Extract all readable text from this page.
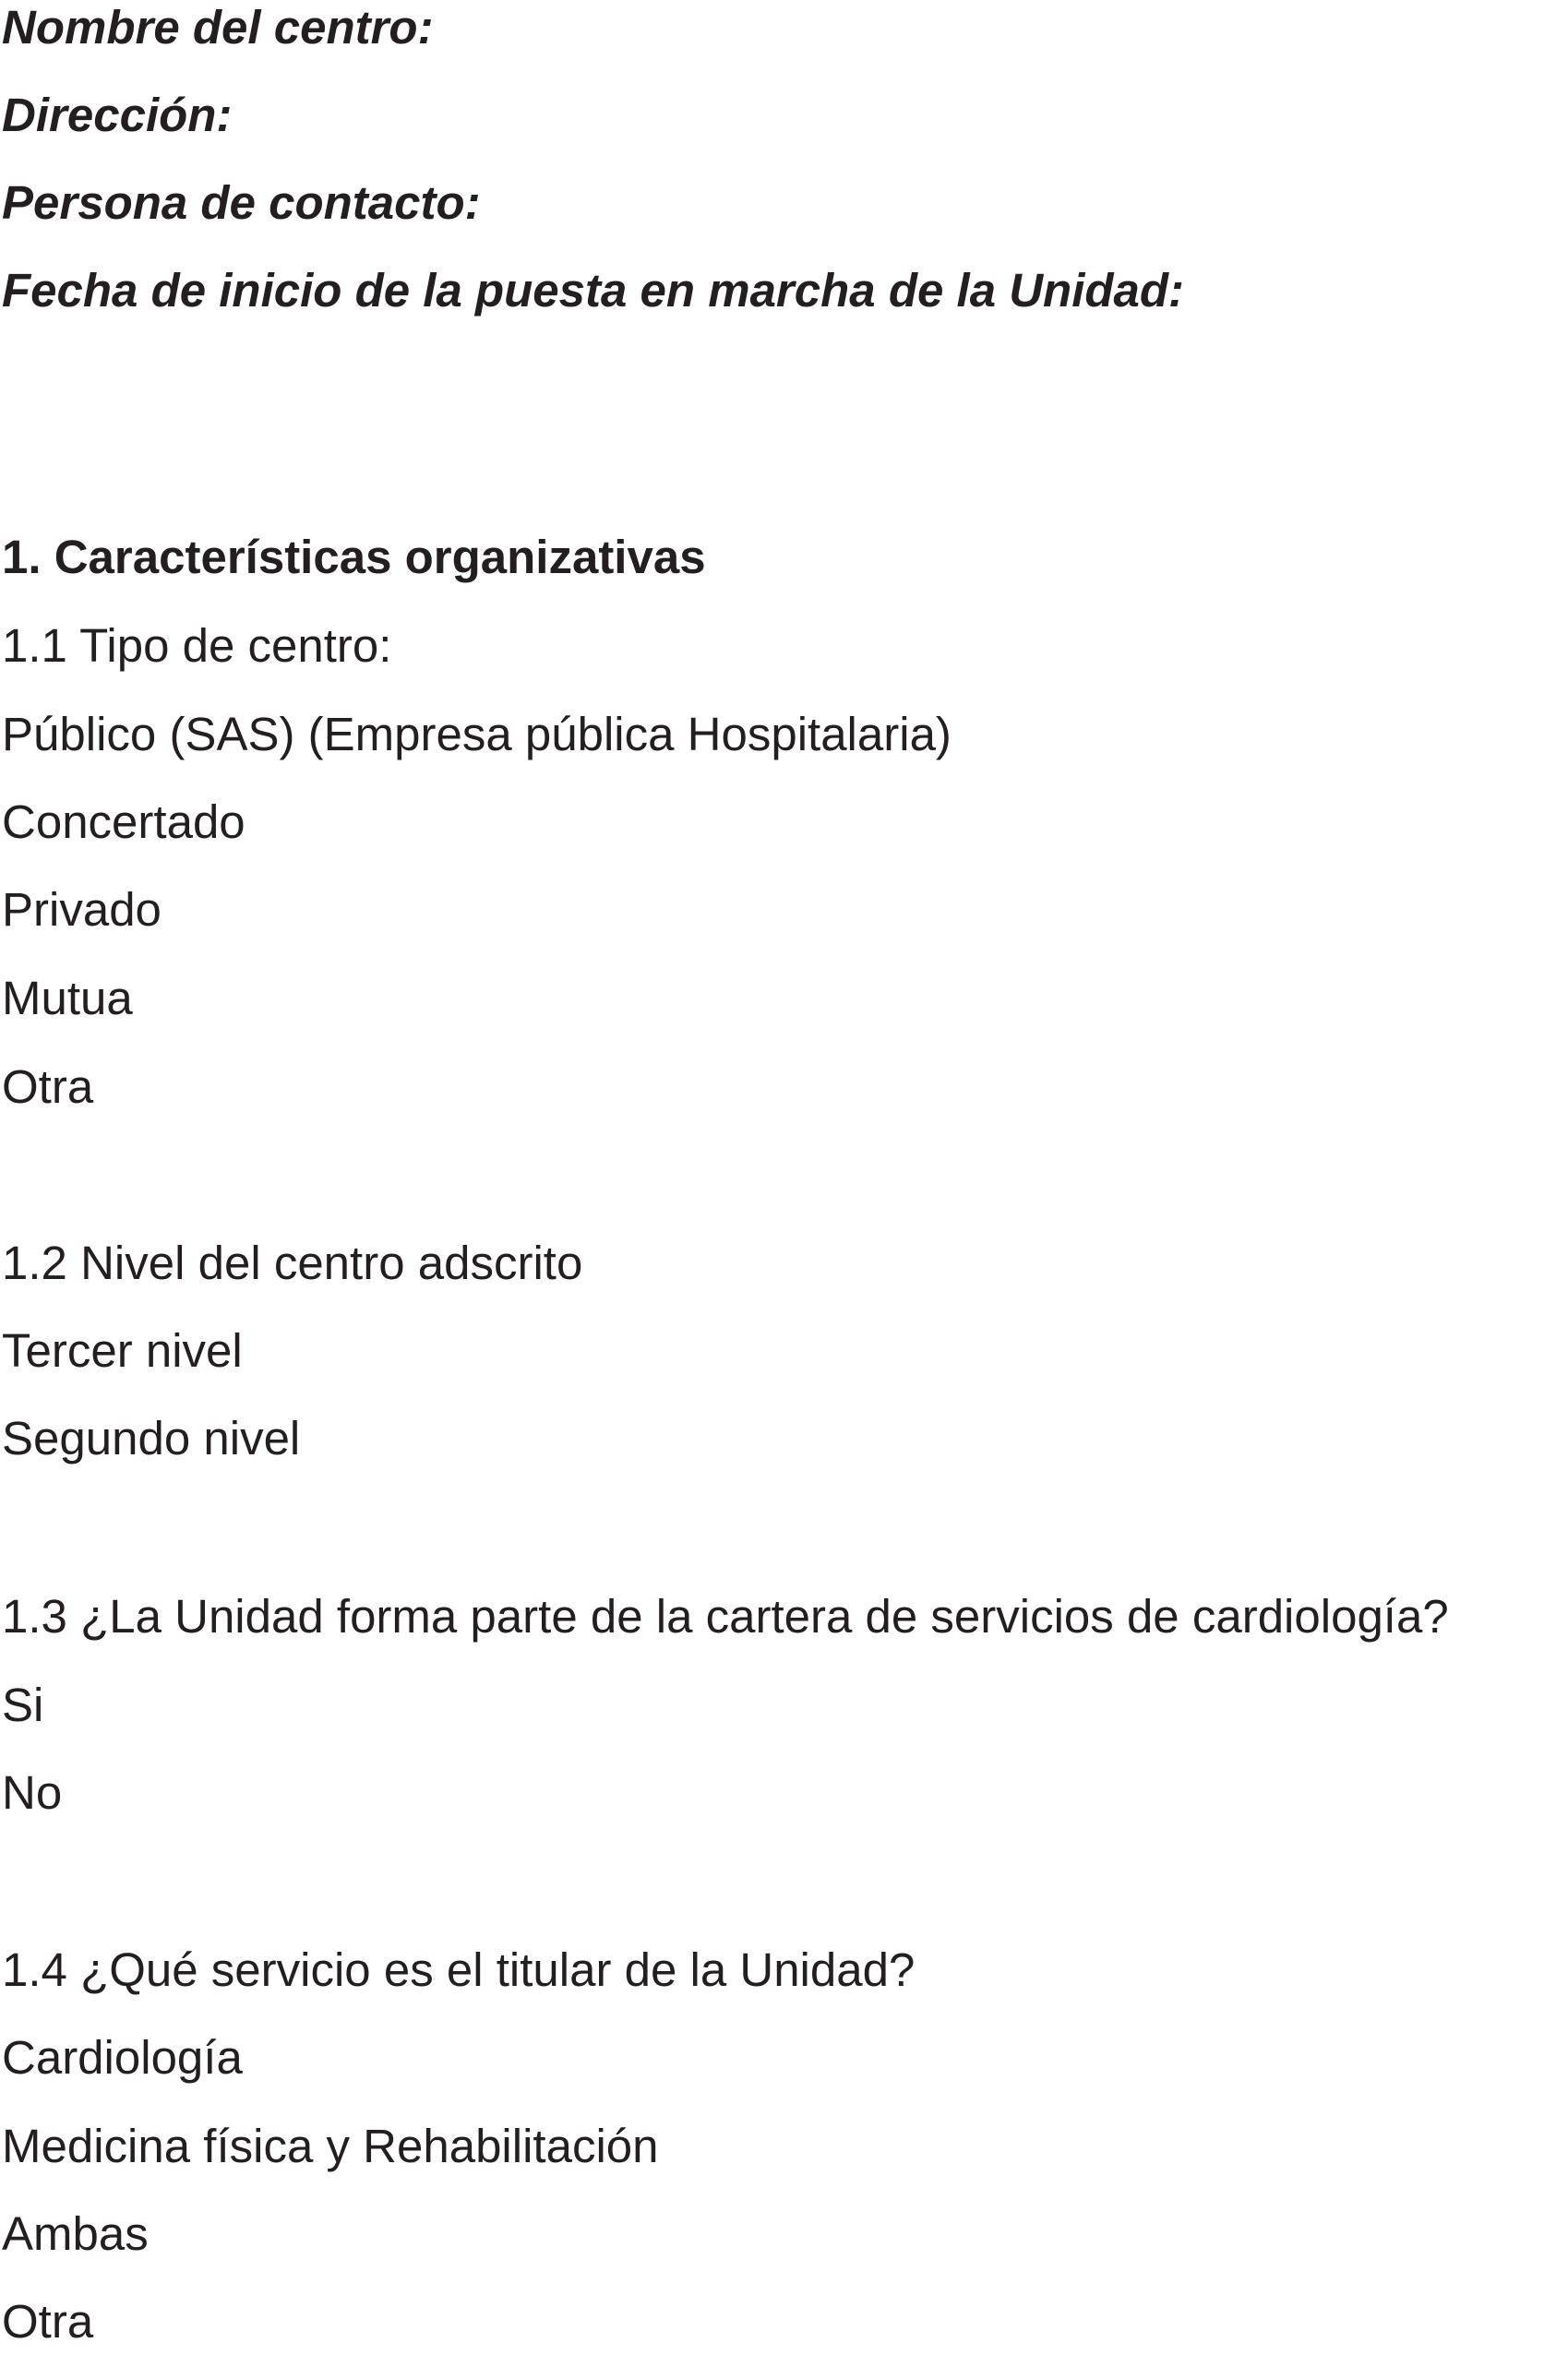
Nombre del centro:
Dirección:
Persona de contacto:
Fecha de inicio de la puesta en marcha de la Unidad:
1. Características organizativas
1.1 Tipo de centro:
Público (SAS) (Empresa pública Hospitalaria)
Concertado
Privado
Mutua
Otra
1.2 Nivel del centro adscrito
Tercer nivel
Segundo nivel
1.3 ¿La Unidad forma parte de la cartera de servicios de cardiología?
Si
No
1.4 ¿Qué servicio es el titular de la Unidad?
Cardiología
Medicina física y Rehabilitación
Ambas
Otra
